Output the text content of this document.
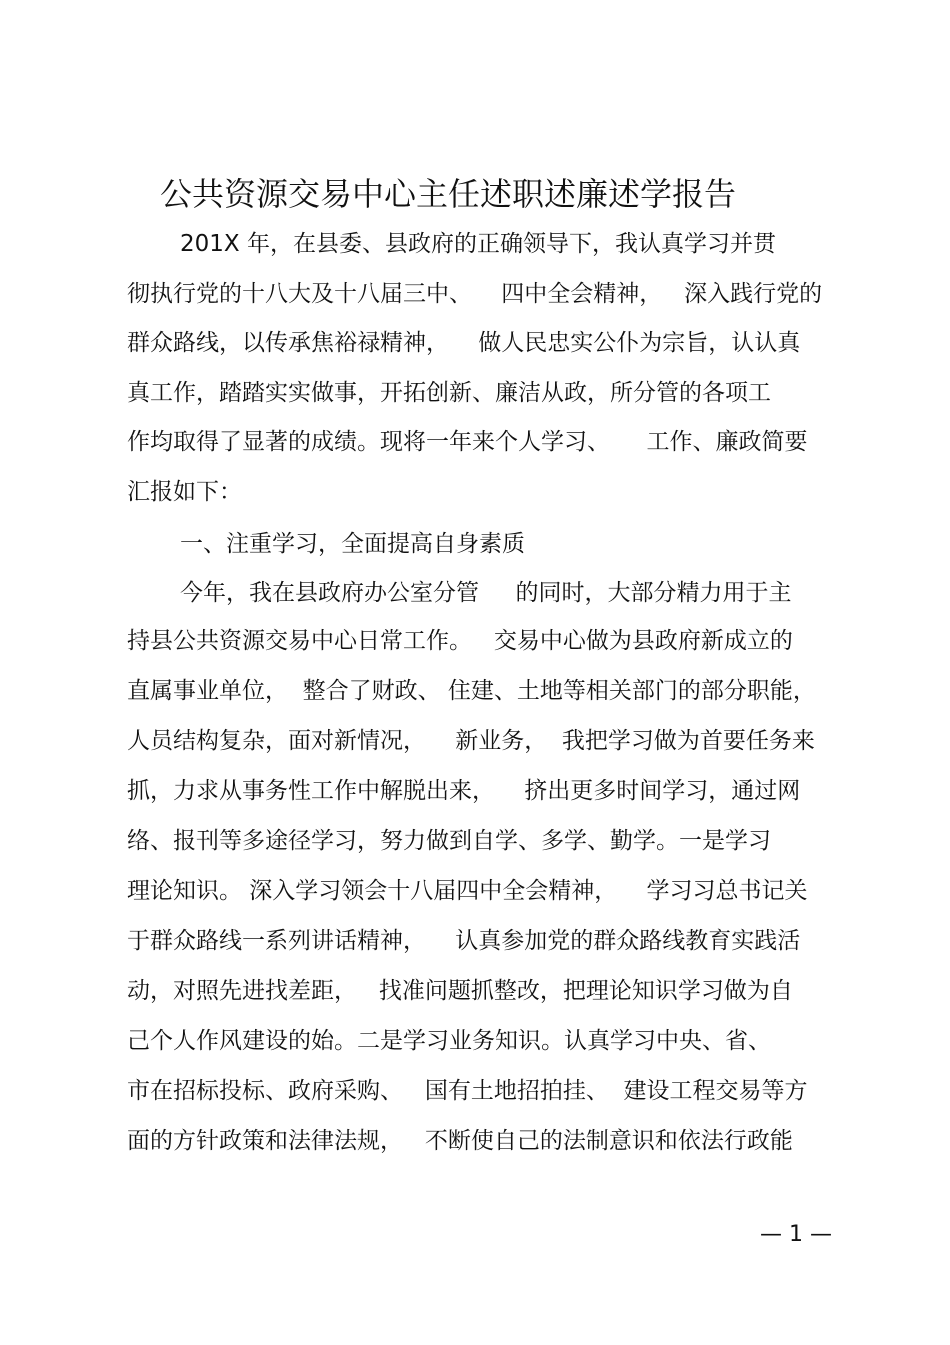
公共资源交易中心主任述职述廉述学报告
201X 年，在县委、县政府的正确领导下，我认真学习并贯
彻执行党的十八大及十八届三中、    四中全会精神，   深入践行党的
群众路线，以传承焦裕禄精神，    做人民忠实公仆为宗旨，认认真
真工作，踏踏实实做事，开拓创新、廉洁从政，所分管的各项工
作均取得了显著的成绩。现将一年来个人学习、     工作、廉政简要
汇报如下：
一、注重学习，全面提高自身素质
今年，我在县政府办公室分管     的同时，大部分精力用于主
持县公共资源交易中心日常工作。   交易中心做为县政府新成立的
直属事业单位，  整合了财政、 住建、土地等相关部门的部分职能，
人员结构复杂，面对新情况，    新业务，  我把学习做为首要任务来
抓，力求从事务性工作中解脱出来，    挤出更多时间学习，通过网
络、报刊等多途径学习，努力做到自学、多学、勤学。一是学习
理论知识。 深入学习领会十八届四中全会精神，    学习习总书记关
于群众路线一系列讲话精神，    认真参加党的群众路线教育实践活
动，对照先进找差距，   找准问题抓整改，把理论知识学习做为自
己个人作风建设的始。二是学习业务知识。认真学习中央、省、
市在招标投标、政府采购、   国有土地招拍挂、  建设工程交易等方
面的方针政策和法律法规，   不断使自己的法制意识和依法行政能
— 1 —
